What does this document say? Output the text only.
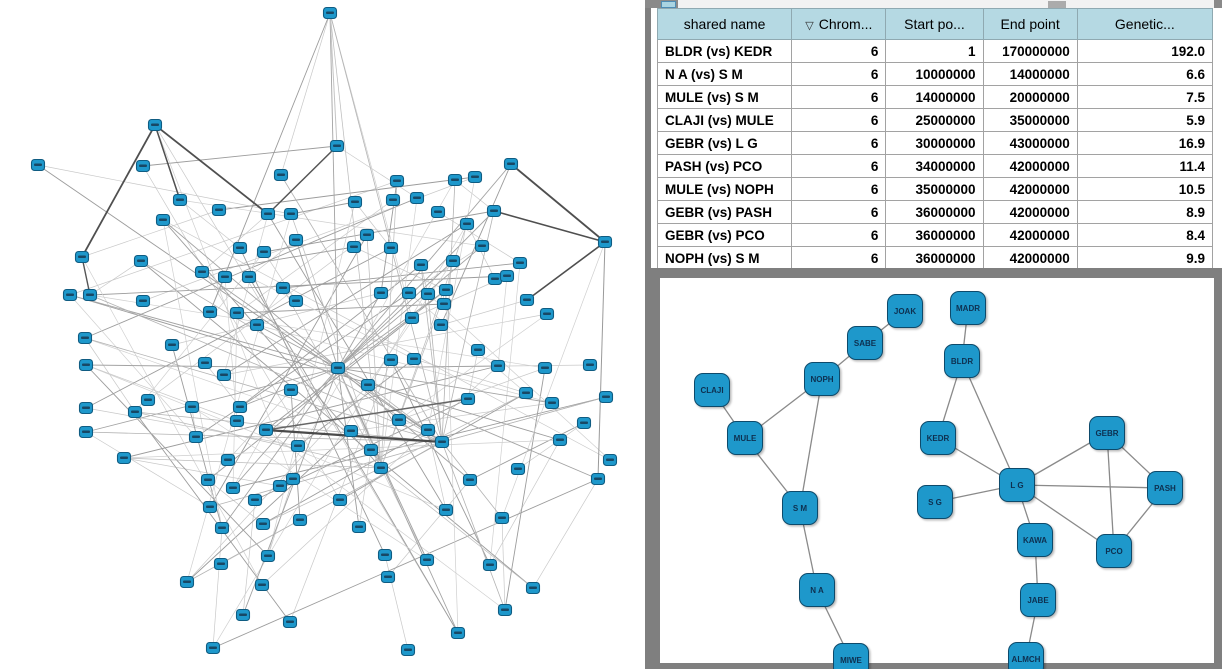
shared name	▽ Chrom...	Start po...	End point	Genetic...
BLDR (vs) KEDR	6	1	170000000	192.0
N A (vs) S M	6	10000000	14000000	6.6
MULE (vs) S M	6	14000000	20000000	7.5
CLAJI (vs) MULE	6	25000000	35000000	5.9
GEBR (vs) L G	6	30000000	43000000	16.9
PASH (vs) PCO	6	34000000	42000000	11.4
MULE (vs) NOPH	6	35000000	42000000	10.5
GEBR (vs) PASH	6	36000000	42000000	8.9
GEBR (vs) PCO	6	36000000	42000000	8.4
NOPH (vs) S M	6	36000000	42000000	9.9
JOAK	MADR
SABE
BLDR
NOPH
CLAJI
KEDR
GEBR
MULE
L G	PASH
S G
S M
KAWA
PCO
N A
JABE
MIWE	ALMCH
